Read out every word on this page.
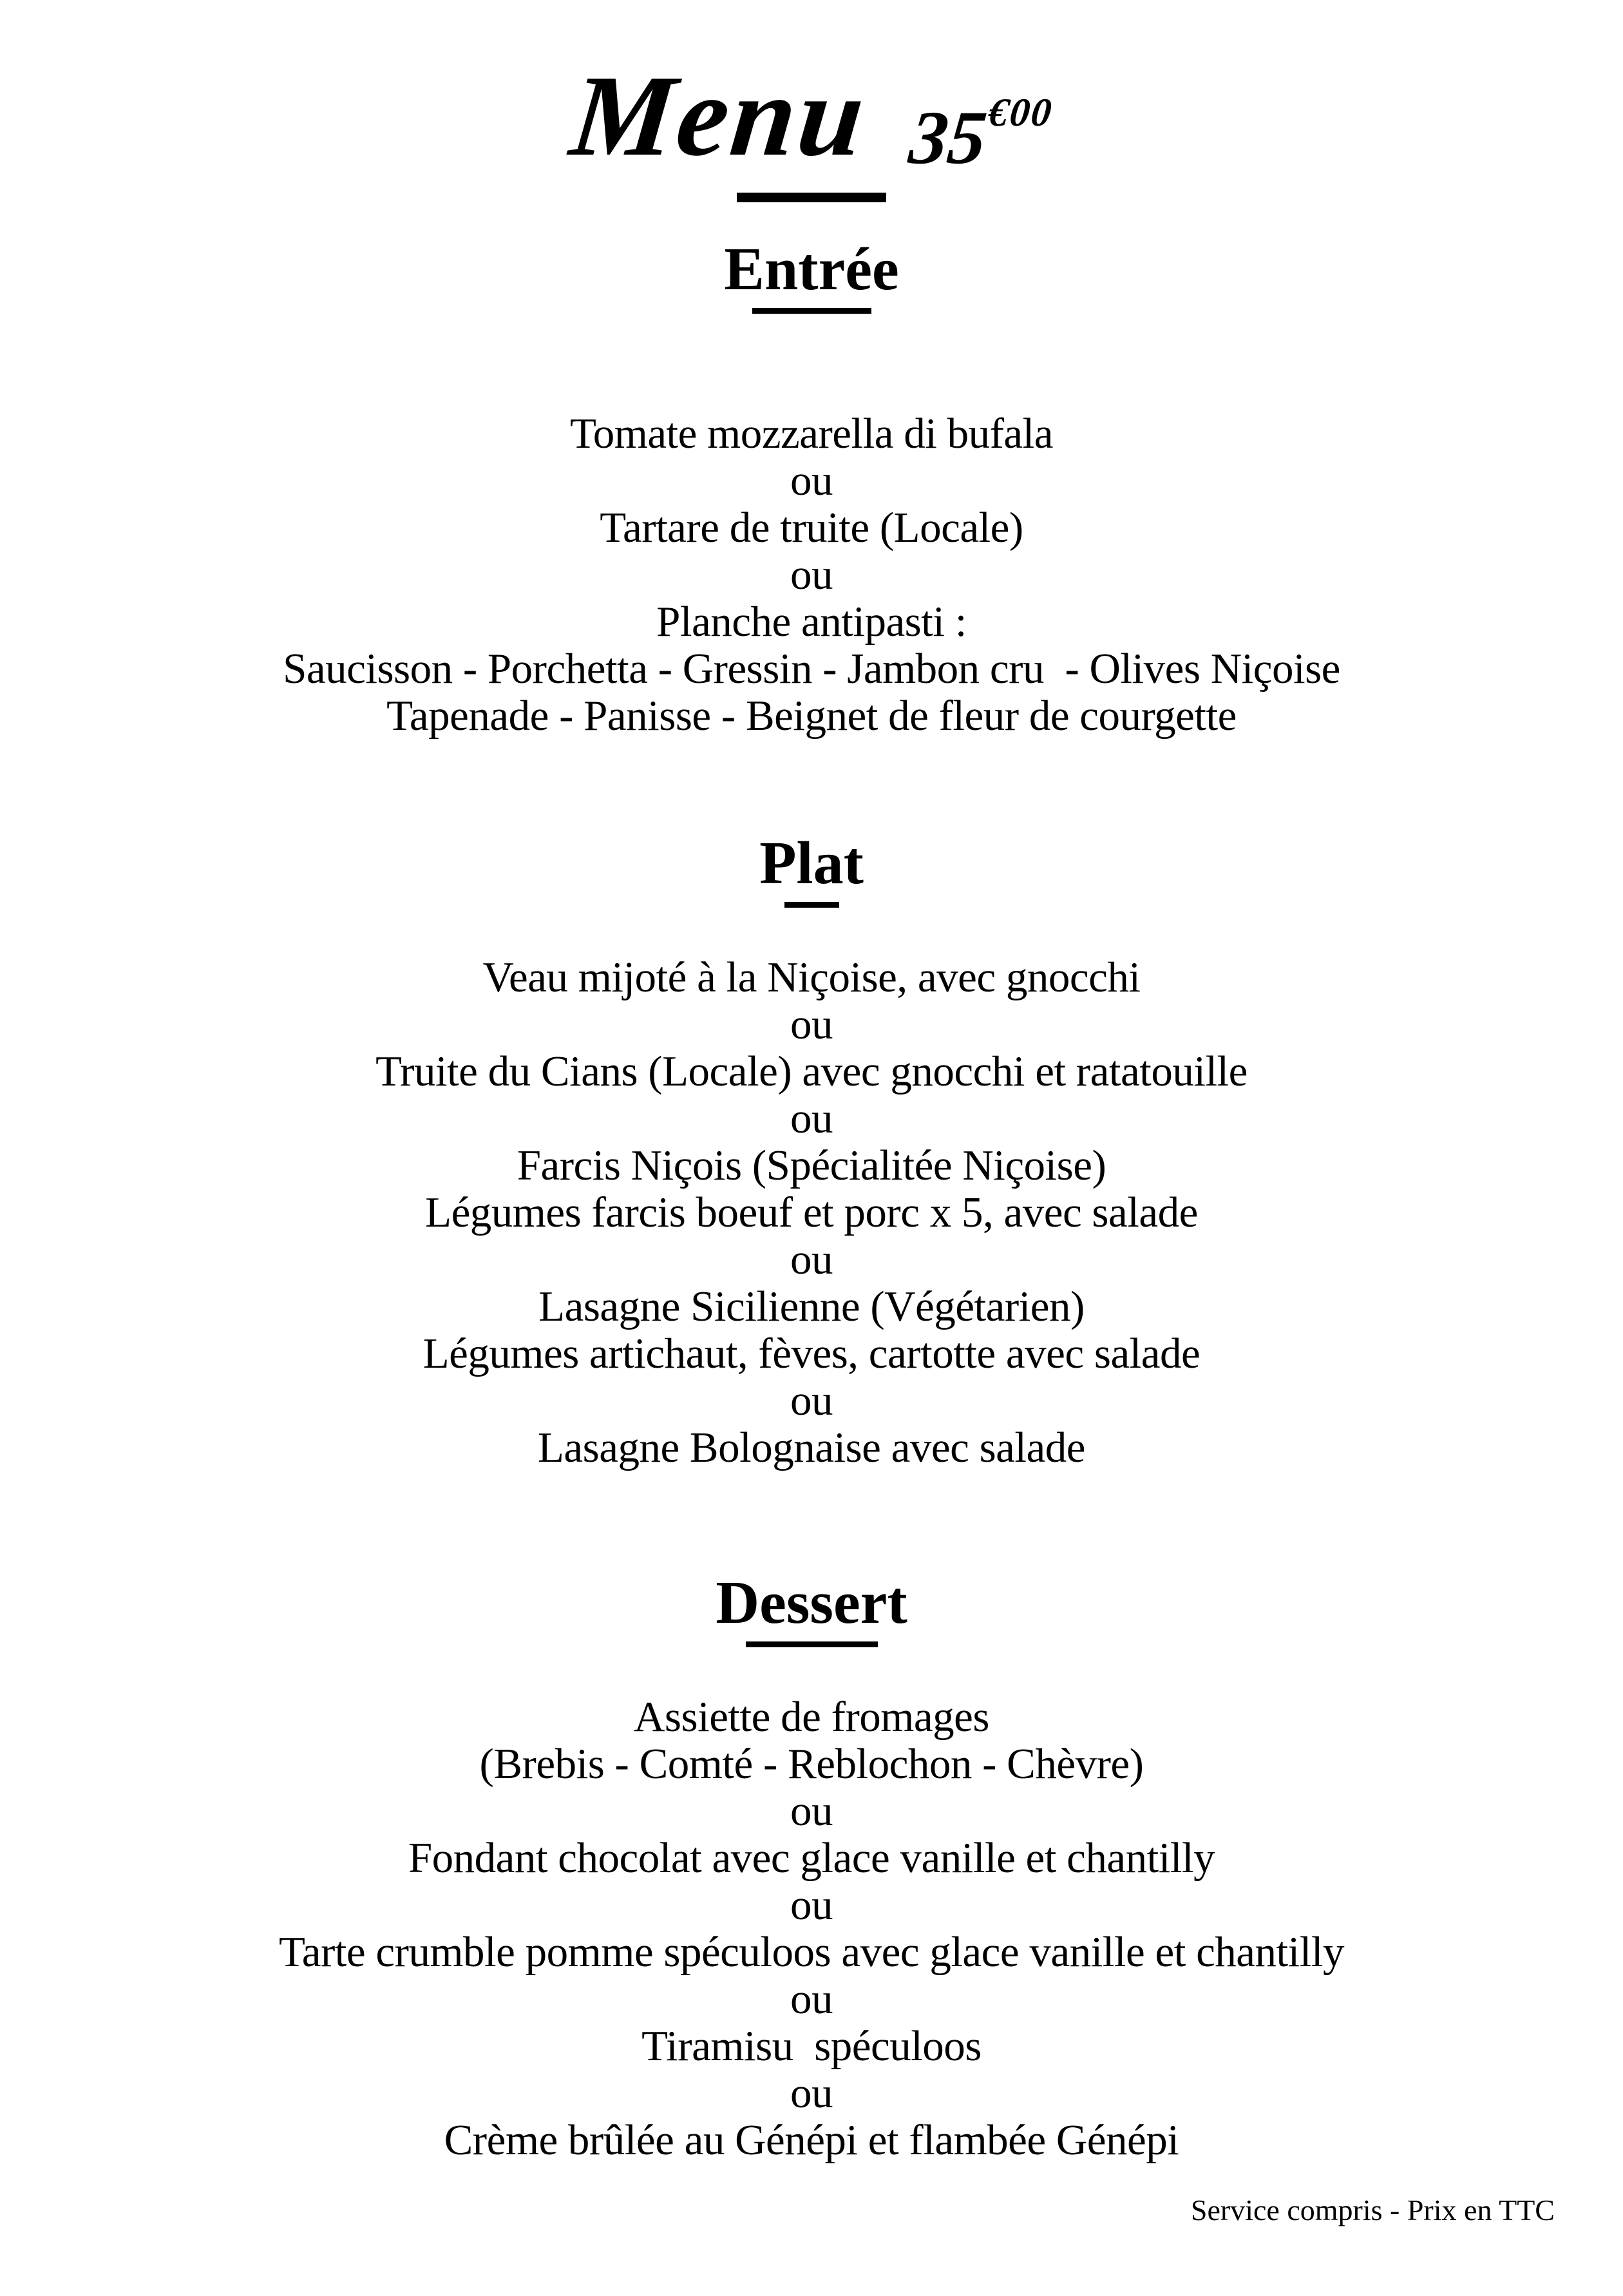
Menu $35^{€00}$
Entrée
Tomate mozzarella di bufala
ou
Tartare de truite (Locale)
ou
Planche antipasti :
Saucisson - Porchetta - Gressin - Jambon cru  - Olives Niçoise
Tapenade - Panisse - Beignet de fleur de courgette
Plat
Veau mijoté à la Niçoise, avec gnocchi
ou
Truite du Cians (Locale) avec gnocchi et ratatouille
ou
Farcis Niçois (Spécialitée Niçoise)
Légumes farcis boeuf et porc x 5, avec salade
ou
Lasagne Sicilienne (Végétarien)
Légumes artichaut, fèves, cartotte avec salade
ou
Lasagne Bolognaise avec salade
Dessert
Assiette de fromages
(Brebis - Comté - Reblochon - Chèvre)
ou
Fondant chocolat avec glace vanille et chantilly
ou
Tarte crumble pomme spéculoos avec glace vanille et chantilly
ou
Tiramisu  spéculoos
ou
Crème brûlée au Génépi et flambée Génépi
Service compris - Prix en TTC
